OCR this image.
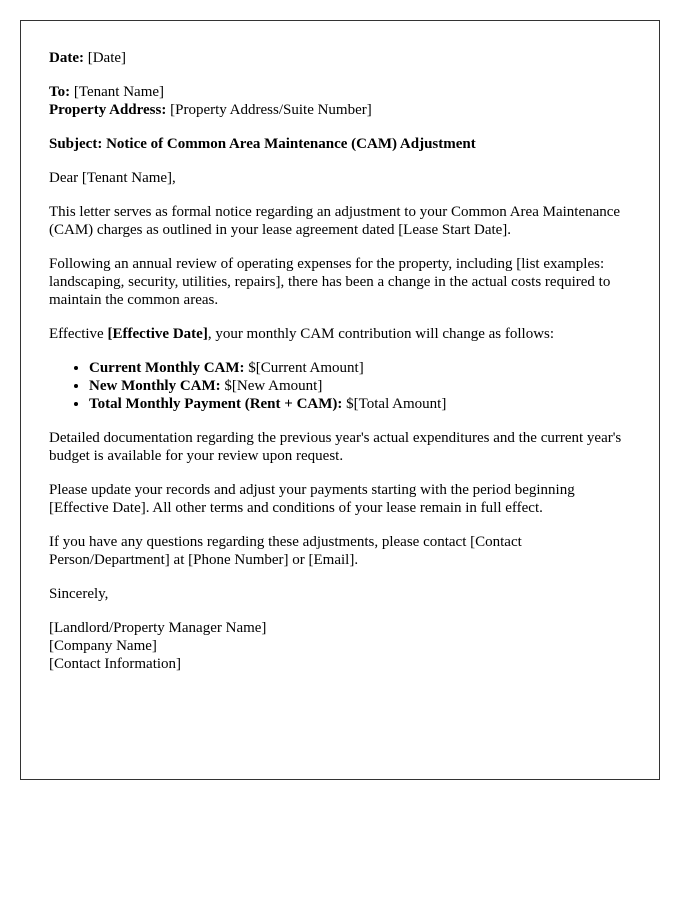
Date: [Date]

To: [Tenant Name]
Property Address: [Property Address/Suite Number]

Subject: Notice of Common Area Maintenance (CAM) Adjustment

Dear [Tenant Name],

This letter serves as formal notice regarding an adjustment to your Common Area Maintenance (CAM) charges as outlined in your lease agreement dated [Lease Start Date].

Following an annual review of operating expenses for the property, including [list examples: landscaping, security, utilities, repairs], there has been a change in the actual costs required to maintain the common areas.

Effective [Effective Date], your monthly CAM contribution will change as follows:

• Current Monthly CAM: $[Current Amount]
• New Monthly CAM: $[New Amount]
• Total Monthly Payment (Rent + CAM): $[Total Amount]

Detailed documentation regarding the previous year's actual expenditures and the current year's budget is available for your review upon request.

Please update your records and adjust your payments starting with the period beginning [Effective Date]. All other terms and conditions of your lease remain in full effect.

If you have any questions regarding these adjustments, please contact [Contact Person/Department] at [Phone Number] or [Email].

Sincerely,

[Landlord/Property Manager Name]
[Company Name]
[Contact Information]
